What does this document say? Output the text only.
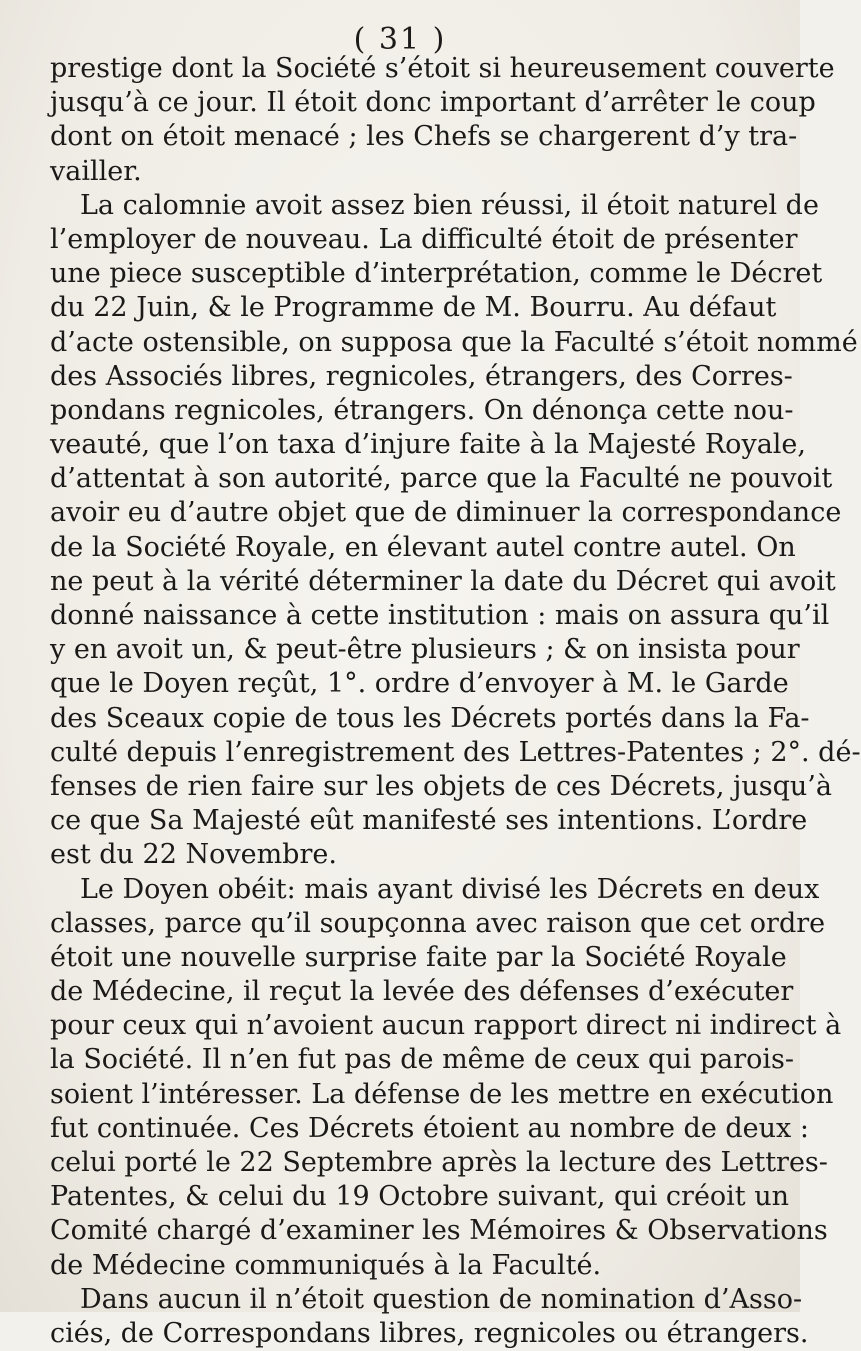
( 31 )
prestige dont la Société s’étoit si heureusement couverte
jusqu’à ce jour. Il étoit donc important d’arrêter le coup
dont on étoit menacé ; les Chefs se chargerent d’y tra-
vailler.
La calomnie avoit assez bien réussi, il étoit naturel de
l’employer de nouveau. La difficulté étoit de présenter
une piece susceptible d’interprétation, comme le Décret
du 22 Juin, & le Programme de M. Bourru. Au défaut
d’acte ostensible, on supposa que la Faculté s’étoit nommé
des Associés libres, regnicoles, étrangers, des Corres-
pondans regnicoles, étrangers. On dénonça cette nou-
veauté, que l’on taxa d’injure faite à la Majesté Royale,
d’attentat à son autorité, parce que la Faculté ne pouvoit
avoir eu d’autre objet que de diminuer la correspondance
de la Société Royale, en élevant autel contre autel. On
ne peut à la vérité déterminer la date du Décret qui avoit
donné naissance à cette institution : mais on assura qu’il
y en avoit un, & peut-être plusieurs ; & on insista pour
que le Doyen reçût, 1°. ordre d’envoyer à M. le Garde
des Sceaux copie de tous les Décrets portés dans la Fa-
culté depuis l’enregistrement des Lettres-Patentes ; 2°. dé-
fenses de rien faire sur les objets de ces Décrets, jusqu’à
ce que Sa Majesté eût manifesté ses intentions. L’ordre
est du 22 Novembre.
Le Doyen obéit: mais ayant divisé les Décrets en deux
classes, parce qu’il soupçonna avec raison que cet ordre
étoit une nouvelle surprise faite par la Société Royale
de Médecine, il reçut la levée des défenses d’exécuter
pour ceux qui n’avoient aucun rapport direct ni indirect à
la Société. Il n’en fut pas de même de ceux qui parois-
soient l’intéresser. La défense de les mettre en exécution
fut continuée. Ces Décrets étoient au nombre de deux :
celui porté le 22 Septembre après la lecture des Lettres-
Patentes, & celui du 19 Octobre suivant, qui créoit un
Comité chargé d’examiner les Mémoires & Observations
de Médecine communiqués à la Faculté.
Dans aucun il n’étoit question de nomination d’Asso-
ciés, de Correspondans libres, regnicoles ou étrangers.
